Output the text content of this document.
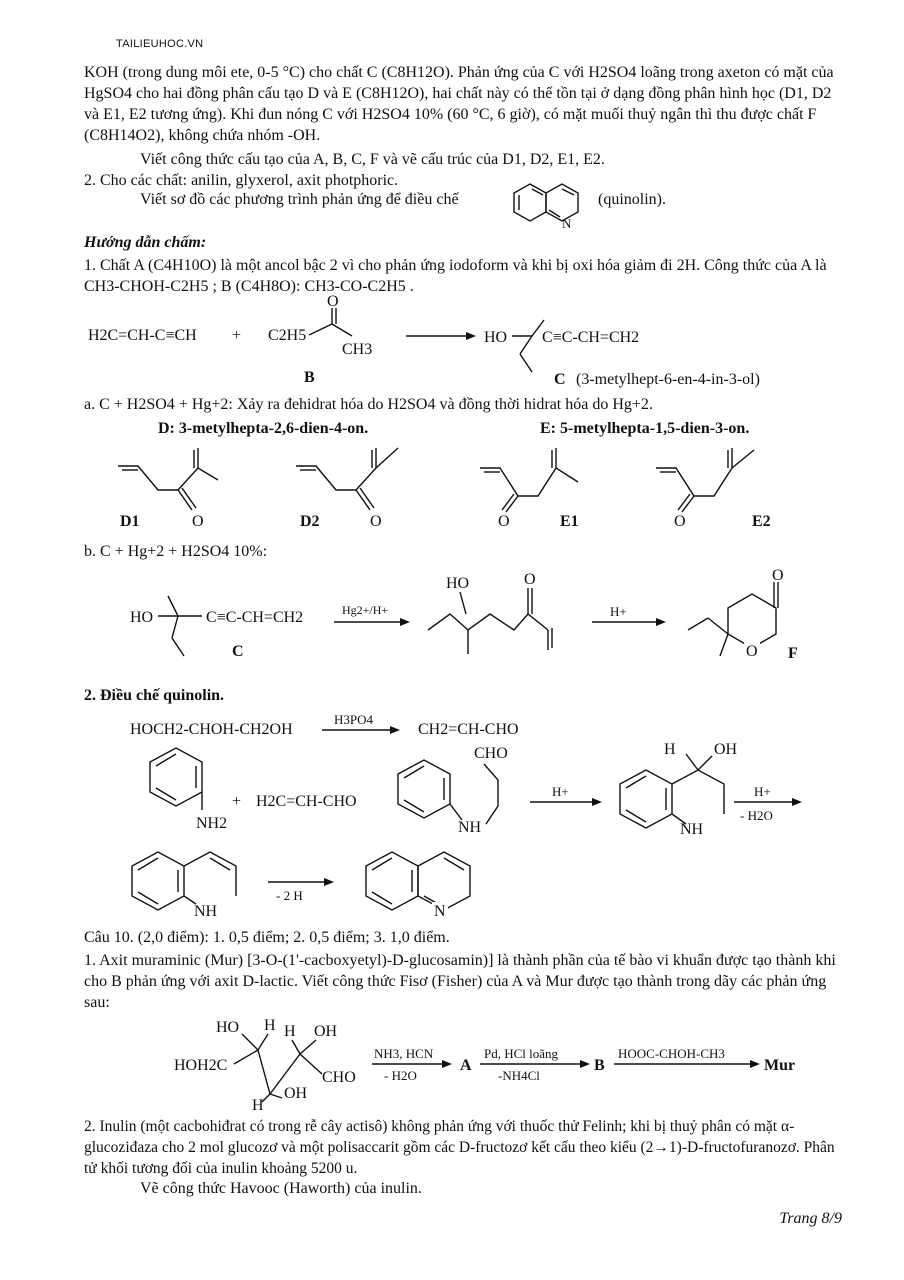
TAILIEUHOC.VN
KOH (trong dung môi ete, 0-5 °C) cho chất C (C8H12O). Phản ứng của C với H2SO4 loãng trong axeton có mặt của HgSO4 cho hai đồng phân cấu tạo D và E (C8H12O), hai chất này có thể tồn tại ở dạng đồng phân hình học (D1, D2 và E1, E2 tương ứng). Khi đun nóng C với H2SO4 10% (60 °C, 6 giờ), có mặt muối thuỷ ngân thì thu được chất F (C8H14O2), không chứa nhóm -OH.
Viết công thức cấu tạo của A, B, C, F và vẽ cấu trúc của D1, D2, E1, E2.
2. Cho các chất: anilin, glyxerol, axit photphoric.
Viết sơ đồ các phương trình phản ứng để điều chế
N
(quinolin).
Hướng dẫn chấm:
1. Chất A (C4H10O) là một ancol bậc 2 vì cho phản ứng iodoform và khi bị oxi hóa giảm đi 2H. Công thức của A là CH3-CHOH-C2H5 ; B (C4H8O): CH3-CO-C2H5 .
H2C=CH-C≡CH + C2H5
O
CH3
HO C≡C-CH=CH2
B	C (3-metylhept-6-en-4-in-3-ol)
a. C + H2SO4 + Hg+2: Xảy ra đehidrat hóa do H2SO4 và đồng thời hidrat hóa do Hg+2.
D: 3-metylhepta-2,6-dien-4-on.	E: 5-metylhepta-1,5-dien-3-on.
O
D1	O
D2	O	E1	O	E2
b. C + Hg+2 + H2SO4 10%:
HO	C≡C-CH=CH2
C
Hg2+/H+
HO	O
H+
O
O F
2. Điều chế quinolin.
HOCH2-CHOH-CH2OH
H3PO4
CH2=CH-CHO
NH2
+ H2C=CH-CHO
NH
CHO
H+
NH
H OH
H+
- H2O
NH
- 2 H
N
Câu 10. (2,0 điểm): 1. 0,5 điểm; 2. 0,5 điểm; 3. 1,0 điểm.
1. Axit muraminic (Mur) [3-O-(1'-cacboxyetyl)-D-glucosamin)] là thành phần của tế bào vi khuẩn được tạo thành khi cho B phản ứng với axit D-lactic. Viết công thức Fisơ (Fisher) của A và Mur được tạo thành trong dãy các phản ứng sau:
HO H H OH
HOH2C
H
OH
CHO
NH3, HCN
- H2O
A
Pd, HCl loãng
-NH4Cl
B
HOOC-CHOH-CH3
Mur
2. Inulin (một cacbohiđrat có trong rễ cây actisô) không phản ứng với thuốc thử Felinh; khi bị thuỷ phân có mặt α-glucoziđaza cho 2 mol glucozơ và một polisaccarit gồm các D-fructozơ kết cấu theo kiểu (2→1)-D-fructofuranozơ. Phân tử khối tương đối của inulin khoảng 5200 u.
Vẽ công thức Havooc (Haworth) của inulin.
Trang 8/9
